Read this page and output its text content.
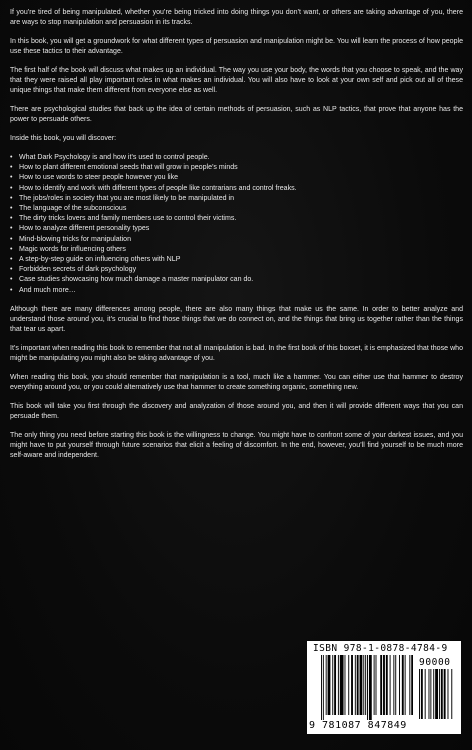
If you’re tired of being manipulated, whether you’re being tricked into doing things you don’t want, or others are taking advantage of you, there are ways to stop manipulation and persuasion in its tracks.

In this book, you will get a groundwork for what different types of persuasion and manipulation might be. You will learn the process of how people use these tactics to their advantage.

The first half of the book will discuss what makes up an individual. The way you use your body, the words that you choose to speak, and the way that they were raised all play important roles in what makes an individual. You will also have to look at your own self and pick out all of these unique things that make them different from everyone else as well.

There are psychological studies that back up the idea of certain methods of persuasion, such as NLP tactics, that prove that anyone has the power to persuade others.

Inside this book, you will discover:

• What Dark Psychology is and how it’s used to control people.
• How to plant different emotional seeds that will grow in people’s minds
• How to use words to steer people however you like
• How to identify and work with different types of people like contrarians and control freaks.
• The jobs/roles in society that you are most likely to be manipulated in
• The language of the subconscious
• The dirty tricks lovers and family members use to control their victims.
• How to analyze different personality types
• Mind-blowing tricks for manipulation
• Magic words for influencing others
• A step-by-step guide on influencing others with NLP
• Forbidden secrets of dark psychology
• Case studies showcasing how much damage a master manipulator can do.
• And much more…

Although there are many differences among people, there are also many things that make us the same. In order to better analyze and understand those around you, it’s crucial to find those things that we do connect on, and the things that bring us together rather than the things that tear us apart.

It’s important when reading this book to remember that not all manipulation is bad. In the first book of this boxset, it is emphasized that those who might be manipulating you might also be taking advantage of you.

When reading this book, you should remember that manipulation is a tool, much like a hammer. You can either use that hammer to destroy everything around you, or you could alternatively use that hammer to create something organic, something new.

This book will take you first through the discovery and analyzation of those around you, and then it will provide different ways that you can persuade them.

The only thing you need before starting this book is the willingness to change. You might have to confront some of your darkest issues, and you might have to put yourself through future scenarios that elicit a feeling of discomfort. In the end, however, you’ll find yourself to be much more self-aware and independent.

ISBN 978-1-0878-4784-9
90000
9 781087 847849
